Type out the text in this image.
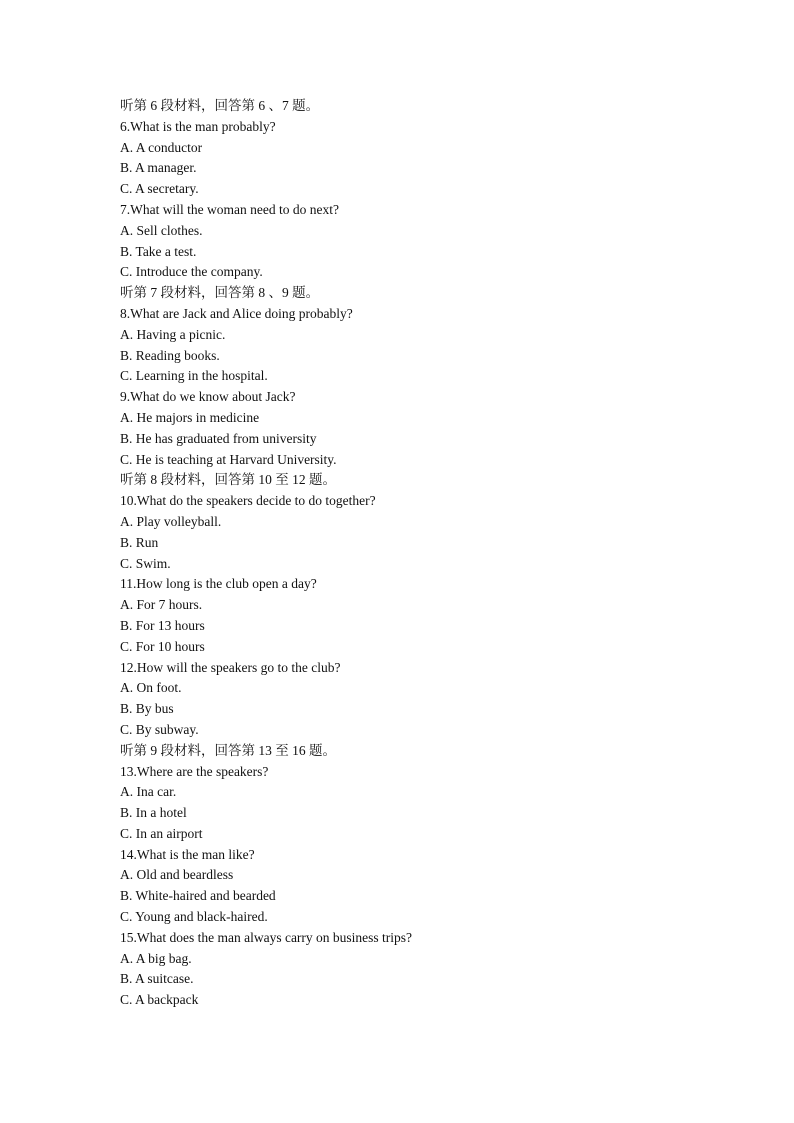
听第 6 段材料，回答第 6 、7 题。
6.What is the man probably?
A. A conductor
B. A manager.
C. A secretary.
7.What will the woman need to do next?
A. Sell clothes.
B. Take a test.
C. Introduce the company.
听第 7 段材料，回答第 8 、9 题。
8.What are Jack and Alice doing probably?
A. Having a picnic.
B. Reading books.
C. Learning in the hospital.
9.What do we know about Jack?
A. He majors in medicine
B. He has graduated from university
C. He is teaching at Harvard University.
听第 8 段材料，回答第 10 至 12 题。
10.What do the speakers decide to do together?
A. Play volleyball.
B. Run
C. Swim.
11.How long is the club open a day?
A. For 7 hours.
B. For 13 hours
C. For 10 hours
12.How will the speakers go to the club?
A. On foot.
B. By bus
C. By subway.
听第 9 段材料，回答第 13 至 16 题。
13.Where are the speakers?
A. Ina car.
B. In a hotel
C. In an airport
14.What is the man like?
A. Old and beardless
B. White-haired and bearded
C. Young and black-haired.
15.What does the man always carry on business trips?
A. A big bag.
B. A suitcase.
C. A backpack
